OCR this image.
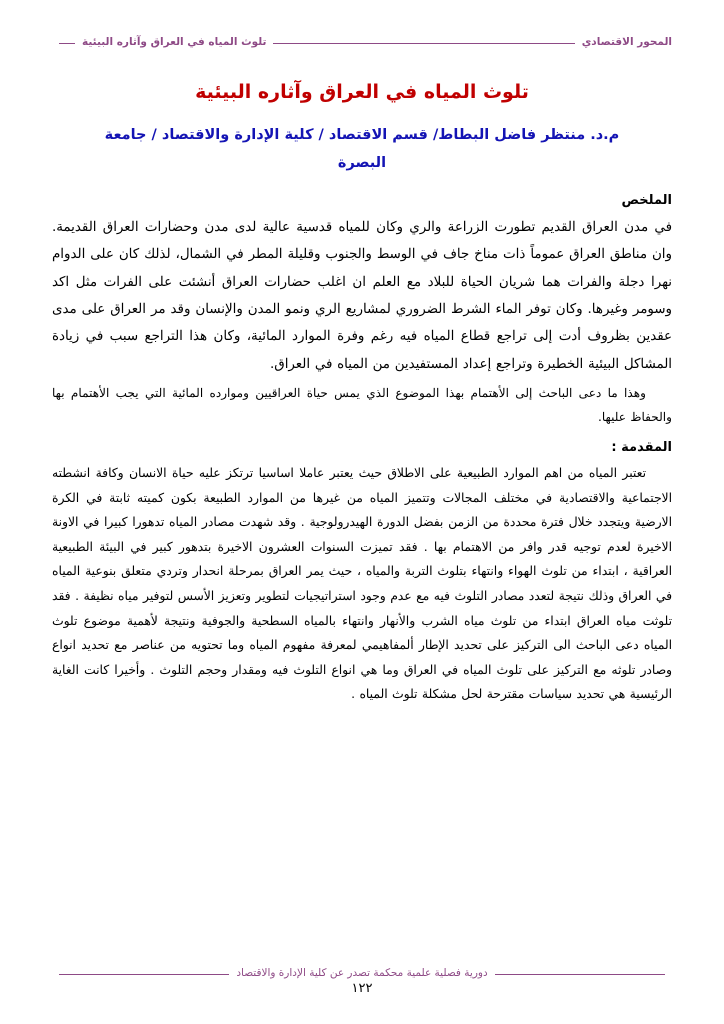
المحور الاقتصادي
تلوث المياه في العراق وآثاره البيئية
تلوث المياه في العراق وآثاره البيئية
م.د. منتظر فاضل البطاط/ قسم الاقتصاد / كلية الإدارة والاقتصاد / جامعة
البصرة
الملخص
في مدن العراق القديم تطورت الزراعة والري وكان للمياه قدسية عالية لدى مدن وحضارات العراق القديمة. وان مناطق العراق عموماً ذات مناخ جاف في الوسط والجنوب وقليلة المطر في الشمال، لذلك كان على الدوام نهرا دجلة والفرات هما شريان الحياة للبلاد مع العلم ان اغلب حضارات العراق أنشئت على الفرات مثل اكد وسومر وغيرها. وكان توفر الماء الشرط الضروري لمشاريع الري ونمو المدن والإنسان وقد مر العراق على مدى عقدين بظروف أدت إلى تراجع قطاع المياه فيه رغم وفرة الموارد المائية، وكان هذا التراجع سبب في زيادة المشاكل البيئية الخطيرة وتراجع إعداد المستفيدين من المياه في العراق.
وهذا ما دعى الباحث إلى الأهتمام بهذا الموضوع الذي يمس حياة العراقيين وموارده المائية التي يجب الأهتمام بها والحفاظ عليها.
المقدمة :
تعتبر المياه من اهم الموارد الطبيعية على الاطلاق حيث يعتبر عاملا اساسيا ترتكز عليه حياة الانسان وكافة انشطته الاجتماعية والاقتصادية في مختلف المجالات وتتميز المياه من غيرها من الموارد الطبيعة بكون كميته ثابتة في الكرة الارضية ويتجدد خلال فترة محددة من الزمن بفضل الدورة الهيدرولوجية . وقد شهدت مصادر المياه تدهورا كبيرا في الاونة الاخيرة لعدم توجيه قدر وافر من الاهتمام بها . فقد تميزت السنوات العشرون الاخيرة بتدهور كبير في البيئة الطبيعية العراقية ، ابتداء من تلوث الهواء وانتهاء بتلوث التربة والمياه ، حيث يمر العراق بمرحلة انحدار وتردي متعلق بنوعية المياه في العراق وذلك نتيجة لتعدد مصادر التلوث فيه مع عدم وجود استراتيجيات لتطوير وتعزيز الأسس لتوفير مياه نظيفة . فقد تلوثت مياه العراق ابتداء من تلوث مياه الشرب والأنهار وانتهاء بالمياه السطحية والجوفية ونتيجة لأهمية موضوع تلوث المياه دعى الباحث الى التركيز على تحديد الإطار ألمفاهيمي لمعرفة مفهوم المياه وما تحتويه من عناصر مع تحديد انواع وصادر تلوثه مع التركيز على تلوث المياه في العراق وما هي انواع التلوث فيه ومقدار وحجم التلوث . وأخيرا كانت الغاية الرئيسية هي تحديد سياسات مقترحة لحل مشكلة تلوث المياه .
دورية فصلية علمية محكمة تصدر عن كلية الإدارة والاقتصاد
١٢٢
